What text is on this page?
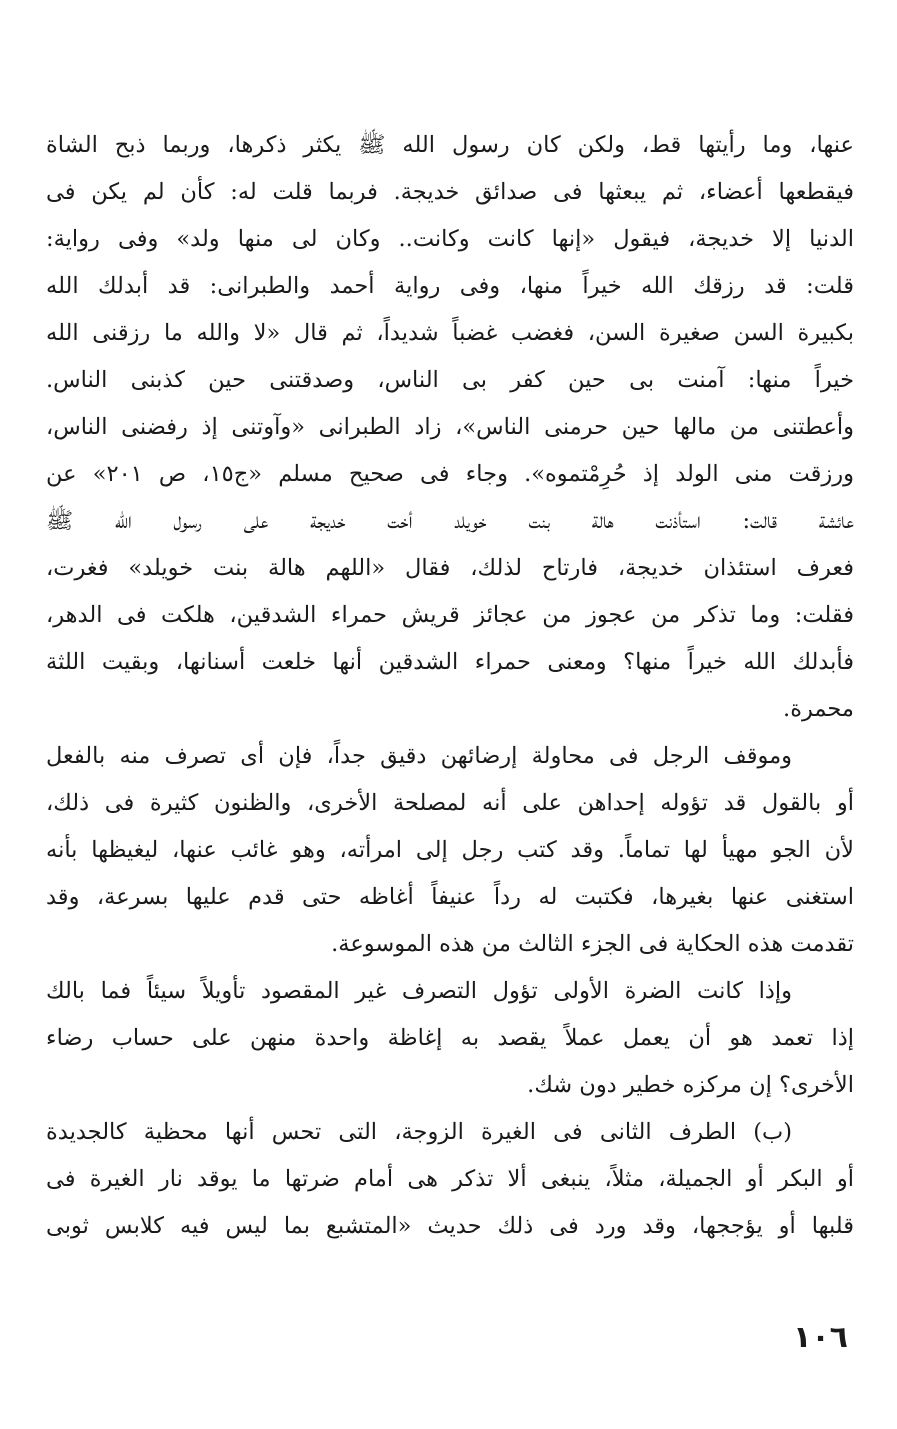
عنها، وما رأيتها قط، ولكن كان رسول الله ﷺ يكثر ذكرها، وربما ذبح الشاة
فيقطعها أعضاء، ثم يبعثها فى صدائق خديجة. فربما قلت له: كأن لم يكن فى
الدنيا إلا خديجة، فيقول «إنها كانت وكانت.. وكان لى منها ولد» وفى رواية:
قلت: قد رزقك الله خيراً منها، وفى رواية أحمد والطبرانى: قد أبدلك الله
بكبيرة السن صغيرة السن، فغضب غضباً شديداً، ثم قال «لا والله ما رزقنى الله
خيراً منها: آمنت بى حين كفر بى الناس، وصدقتنى حين كذبنى الناس.
وأعطتنى من مالها حين حرمنى الناس»، زاد الطبرانى «وآوتنى إذ رفضنى الناس،
ورزقت منى الولد إذ حُرِمْتموه». وجاء فى صحيح مسلم «ج١٥، ص ٢٠١» عن
عائشة قالت: استأذنت هالة بنت خويلد أخت خديجة على رسول الله ﷺ
فعرف استئذان خديجة، فارتاح لذلك، فقال «اللهم هالة بنت خويلد» فغرت،
فقلت: وما تذكر من عجوز من عجائز قريش حمراء الشدقين، هلكت فى الدهر،
فأبدلك الله خيراً منها؟ ومعنى حمراء الشدقين أنها خلعت أسنانها، وبقيت اللثة
محمرة.
وموقف الرجل فى محاولة إرضائهن دقيق جداً، فإن أى تصرف منه بالفعل
أو بالقول قد تؤوله إحداهن على أنه لمصلحة الأخرى، والظنون كثيرة فى ذلك،
لأن الجو مهيأ لها تماماً. وقد كتب رجل إلى امرأته، وهو غائب عنها، ليغيظها بأنه
استغنى عنها بغيرها، فكتبت له رداً عنيفاً أغاظه حتى قدم عليها بسرعة، وقد
تقدمت هذه الحكاية فى الجزء الثالث من هذه الموسوعة.
وإذا كانت الضرة الأولى تؤول التصرف غير المقصود تأويلاً سيئاً فما بالك
إذا تعمد هو أن يعمل عملاً يقصد به إغاظة واحدة منهن على حساب رضاء
الأخرى؟ إن مركزه خطير دون شك.
(ب) الطرف الثانى فى الغيرة الزوجة، التى تحس أنها محظية كالجديدة
أو البكر أو الجميلة، مثلاً، ينبغى ألا تذكر هى أمام ضرتها ما يوقد نار الغيرة فى
قلبها أو يؤججها، وقد ورد فى ذلك حديث «المتشبع بما ليس فيه كلابس ثوبى
١٠٦
